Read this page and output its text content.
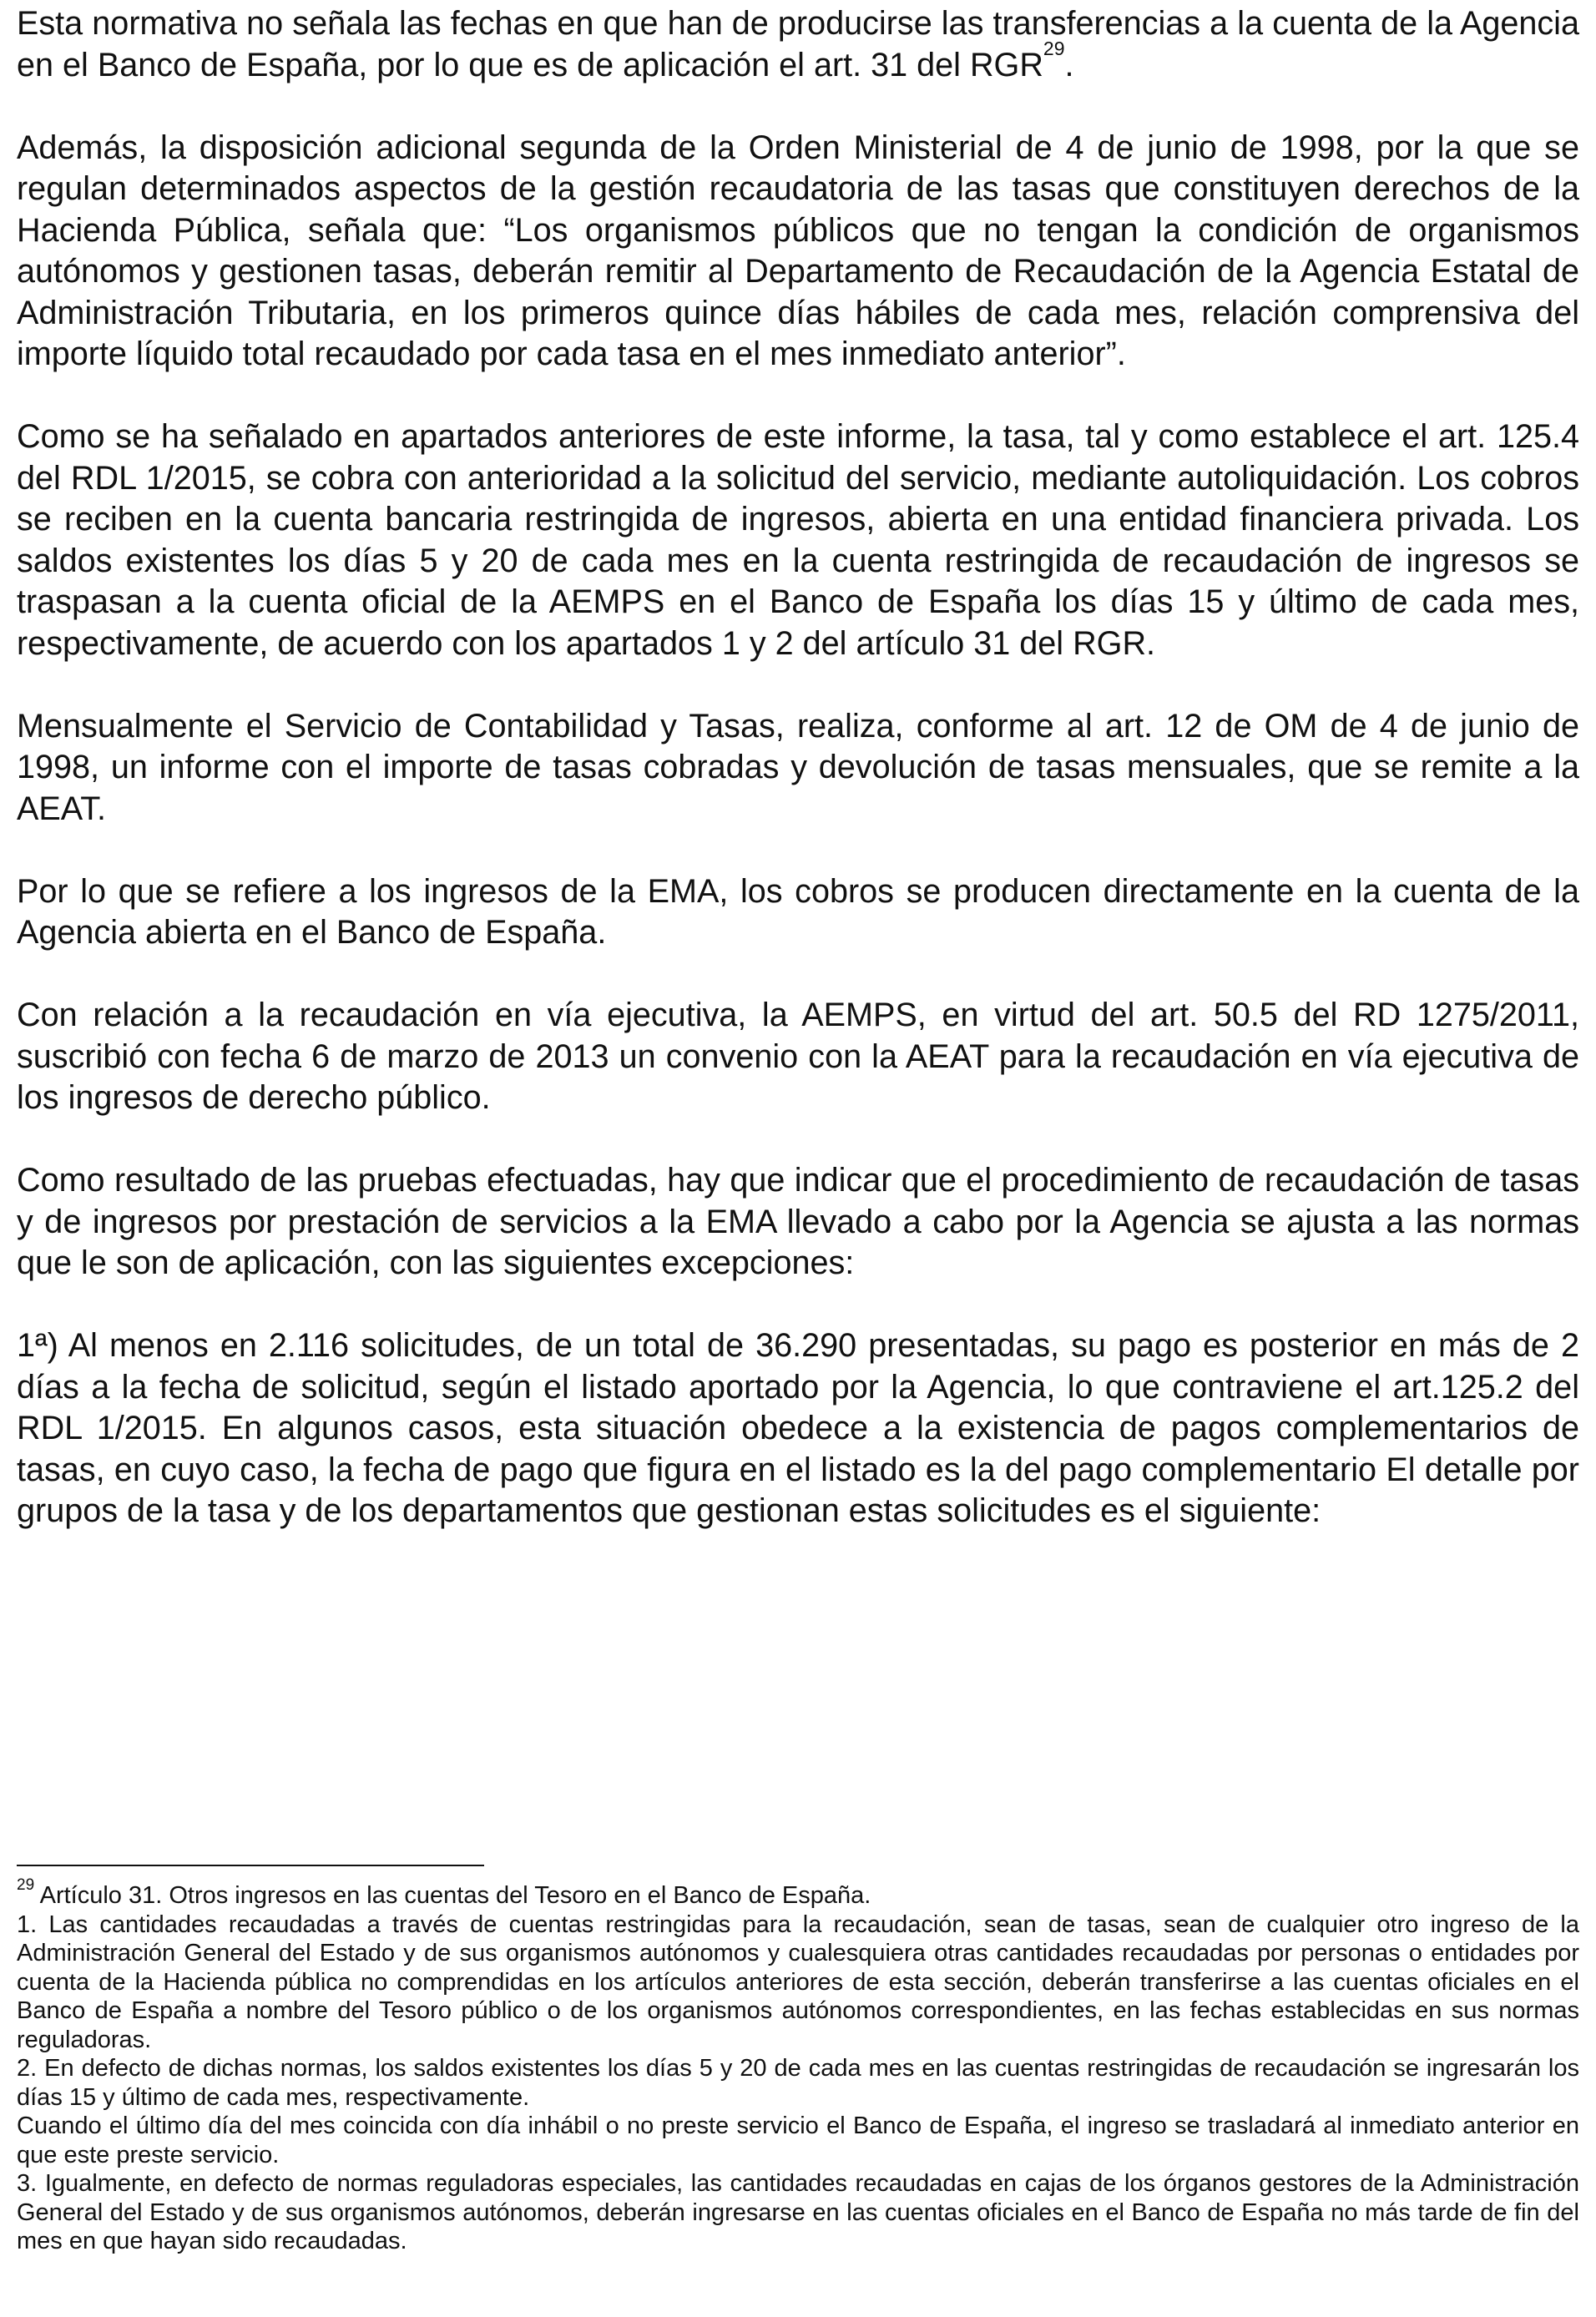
Esta normativa no señala las fechas en que han de producirse las transferencias a la cuenta de la Agencia en el Banco de España, por lo que es de aplicación el art. 31 del RGR$^{29}$.

Además, la disposición adicional segunda de la Orden Ministerial de 4 de junio de 1998, por la que se regulan determinados aspectos de la gestión recaudatoria de las tasas que constituyen derechos de la Hacienda Pública, señala que: “Los organismos públicos que no tengan la condición de organismos autónomos y gestionen tasas, deberán remitir al Departamento de Recaudación de la Agencia Estatal de Administración Tributaria, en los primeros quince días hábiles de cada mes, relación comprensiva del importe líquido total recaudado por cada tasa en el mes inmediato anterior”.

Como se ha señalado en apartados anteriores de este informe, la tasa, tal y como establece el art. 125.4 del RDL 1/2015, se cobra con anterioridad a la solicitud del servicio, mediante autoliquidación. Los cobros se reciben en la cuenta bancaria restringida de ingresos, abierta en una entidad financiera privada. Los saldos existentes los días 5 y 20 de cada mes en la cuenta restringida de recaudación de ingresos se traspasan a la cuenta oficial de la AEMPS en el Banco de España los días 15 y último de cada mes, respectivamente, de acuerdo con los apartados 1 y 2 del artículo 31 del RGR.

Mensualmente el Servicio de Contabilidad y Tasas, realiza, conforme al art. 12 de OM de 4 de junio de 1998, un informe con el importe de tasas cobradas y devolución de tasas mensuales, que se remite a la AEAT.

Por lo que se refiere a los ingresos de la EMA, los cobros se producen directamente en la cuenta de la Agencia abierta en el Banco de España.

Con relación a la recaudación en vía ejecutiva, la AEMPS, en virtud del art. 50.5 del RD 1275/2011, suscribió con fecha 6 de marzo de 2013 un convenio con la AEAT para la recaudación en vía ejecutiva de los ingresos de derecho público.

Como resultado de las pruebas efectuadas, hay que indicar que el procedimiento de recaudación de tasas y de ingresos por prestación de servicios a la EMA llevado a cabo por la Agencia se ajusta a las normas que le son de aplicación, con las siguientes excepciones:

1ª) Al menos en 2.116 solicitudes, de un total de 36.290 presentadas, su pago es posterior en más de 2 días a la fecha de solicitud, según el listado aportado por la Agencia, lo que contraviene el art.125.2 del RDL 1/2015. En algunos casos, esta situación obedece a la existencia de pagos complementarios de tasas, en cuyo caso, la fecha de pago que figura en el listado es la del pago complementario El detalle por grupos de la tasa y de los departamentos que gestionan estas solicitudes es el siguiente:

$^{29}$ Artículo 31. Otros ingresos en las cuentas del Tesoro en el Banco de España.

1. Las cantidades recaudadas a través de cuentas restringidas para la recaudación, sean de tasas, sean de cualquier otro ingreso de la Administración General del Estado y de sus organismos autónomos y cualesquiera otras cantidades recaudadas por personas o entidades por cuenta de la Hacienda pública no comprendidas en los artículos anteriores de esta sección, deberán transferirse a las cuentas oficiales en el Banco de España a nombre del Tesoro público o de los organismos autónomos correspondientes, en las fechas establecidas en sus normas reguladoras.

2. En defecto de dichas normas, los saldos existentes los días 5 y 20 de cada mes en las cuentas restringidas de recaudación se ingresarán los días 15 y último de cada mes, respectivamente.

Cuando el último día del mes coincida con día inhábil o no preste servicio el Banco de España, el ingreso se trasladará al inmediato anterior en que este preste servicio.

3. Igualmente, en defecto de normas reguladoras especiales, las cantidades recaudadas en cajas de los órganos gestores de la Administración General del Estado y de sus organismos autónomos, deberán ingresarse en las cuentas oficiales en el Banco de España no más tarde de fin del mes en que hayan sido recaudadas.
